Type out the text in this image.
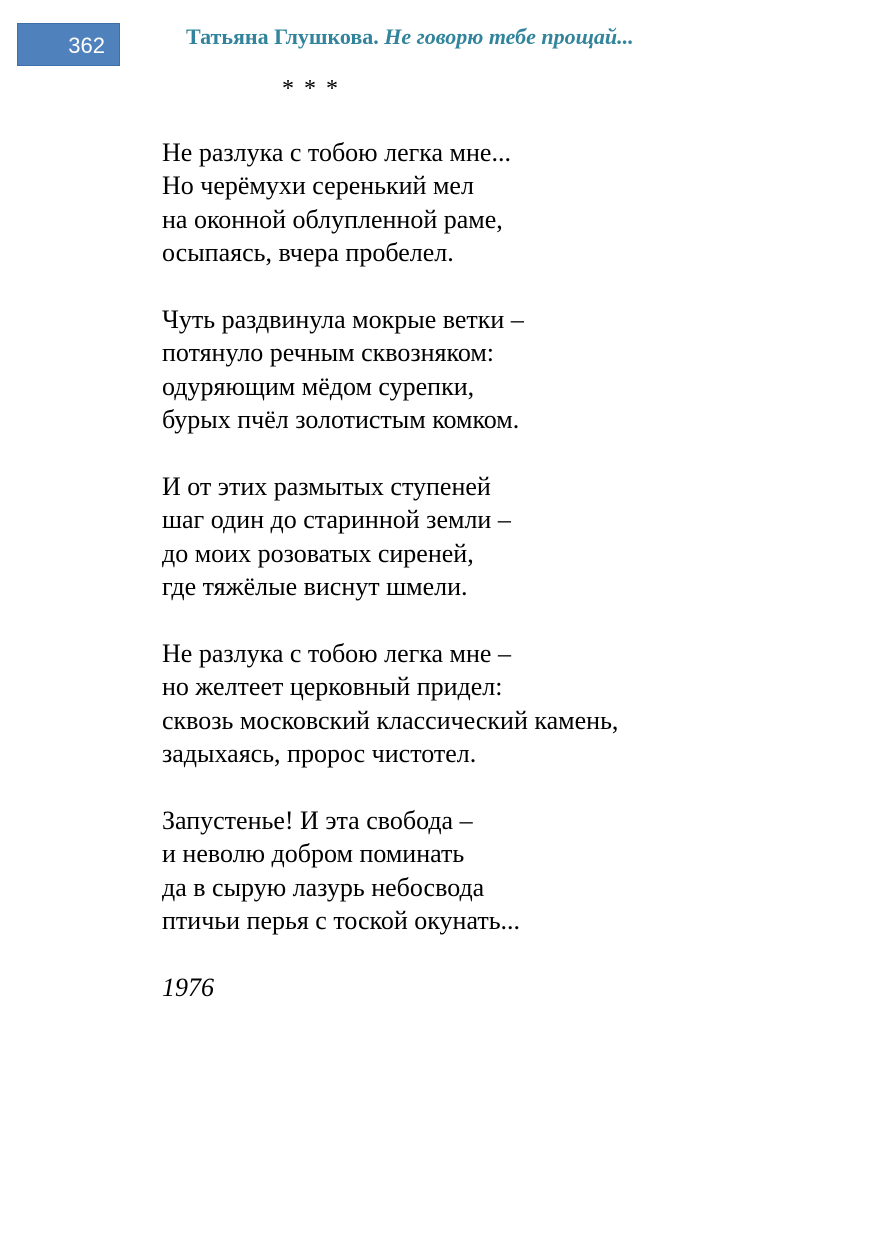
362	Татьяна Глушкова. Не говорю тебе прощай...
* * *
Не разлука с тобою легка мне...
Но черёмухи серенький мел
на оконной облупленной раме,
осыпаясь, вчера пробелел.
Чуть раздвинула мокрые ветки –
потянуло речным сквозняком:
одуряющим мёдом сурепки,
бурых пчёл золотистым комком.
И от этих размытых ступеней
шаг один до старинной земли –
до моих розоватых сиреней,
где тяжёлые виснут шмели.
Не разлука с тобою легка мне –
но желтеет церковный придел:
сквозь московский классический камень,
задыхаясь, пророс чистотел.
Запустенье! И эта свобода –
и неволю добром поминать
да в сырую лазурь небосвода
птичьи перья с тоской окунать...
1976
